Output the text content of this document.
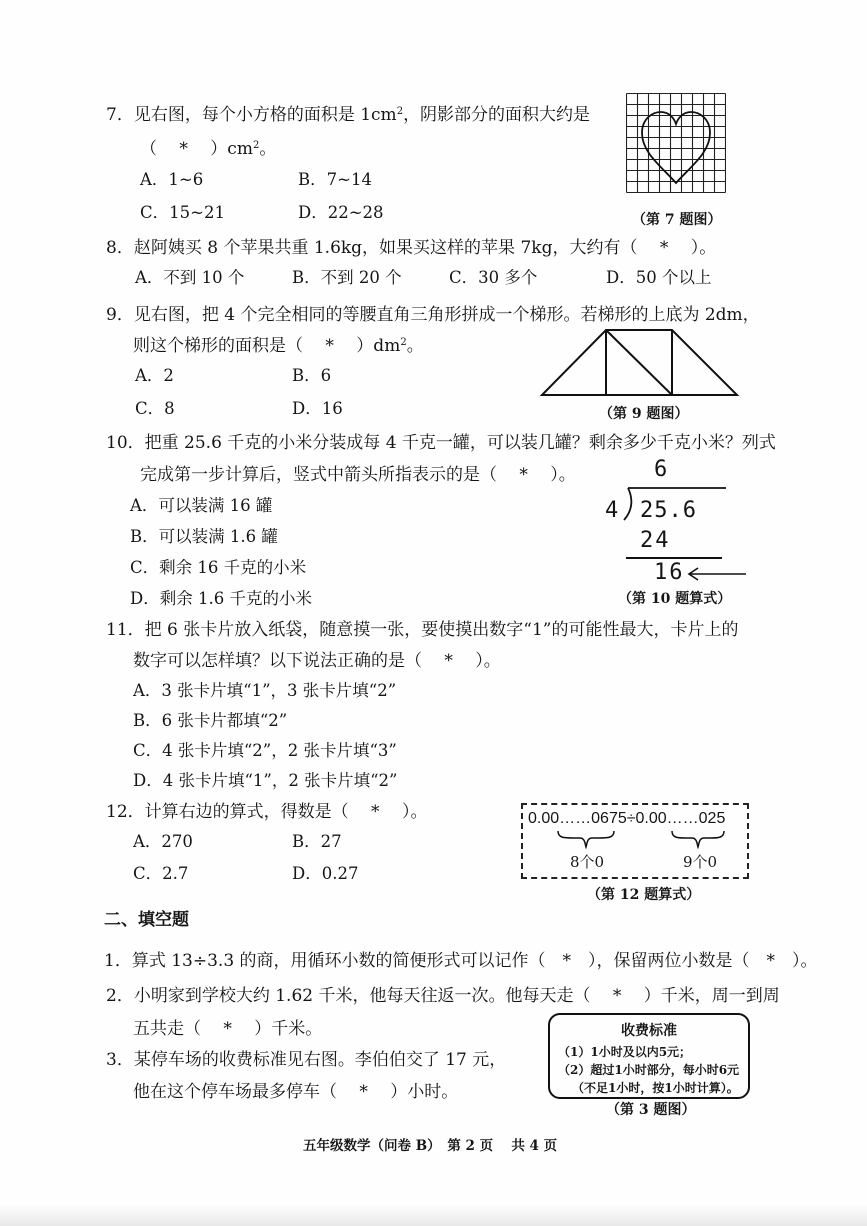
7．见右图，每个小方格的面积是 $1cm^2$，阴影部分的面积大约是
（　 *　 ）$cm^2$。
A．1~6	B．7~14
C．15~21	D．22~28	（第 7 题图）
8．赵阿姨买 8 个苹果共重 1.6kg，如果买这样的苹果 7kg，大约有（　 *　 ）。
A．不到 10 个	B．不到 20 个	C．30 多个	D．50 个以上
9．见右图，把 4 个完全相同的等腰直角三角形拼成一个梯形。若梯形的上底为 2dm，
则这个梯形的面积是（　 *　 ）$dm^2$。
A．2	B．6
C．8	D．16	（第 9 题图）
10．把重 25.6 千克的小米分装成每 4 千克一罐，可以装几罐？剩余多少千克小米？列式
完成第一步计算后，竖式中箭头所指表示的是（　 *　 ）。
A．可以装满 16 罐
B．可以装满 1.6 罐
C．剩余 16 千克的小米
D．剩余 1.6 千克的小米
6
4 25.6
24
16
（第 10 题算式）
11．把 6 张卡片放入纸袋，随意摸一张，要使摸出数字“1”的可能性最大，卡片上的
数字可以怎样填？以下说法正确的是（　 *　 ）。
A．3 张卡片填“1”，3 张卡片填“2”
B．6 张卡片都填“2”
C．4 张卡片填“2”，2 张卡片填“3”
D．4 张卡片填“1”，2 张卡片填“2”
12．计算右边的算式，得数是（　 *　 ）。
A．270	B．27
C．2.7	D．0.27
0.00……0675÷0.00……025
8个0	9个0
（第 12 题算式）
二、填空题
1．算式 13÷3.3 的商，用循环小数的简便形式可以记作（　*　），保留两位小数是（　*　）。
2．小明家到学校大约 1.62 千米，他每天往返一次。他每天走（　 *　 ）千米，周一到周
五共走（　 *　 ）千米。
3．某停车场的收费标准见右图。李伯伯交了 17 元，
他在这个停车场最多停车（　 *　 ）小时。
收费标准
（1）1小时及以内5元；
（2）超过1小时部分，每小时6元
（不足1小时，按1小时计算）。
（第 3 题图）
五年级数学（问卷 B）　第 2 页　 共 4 页
